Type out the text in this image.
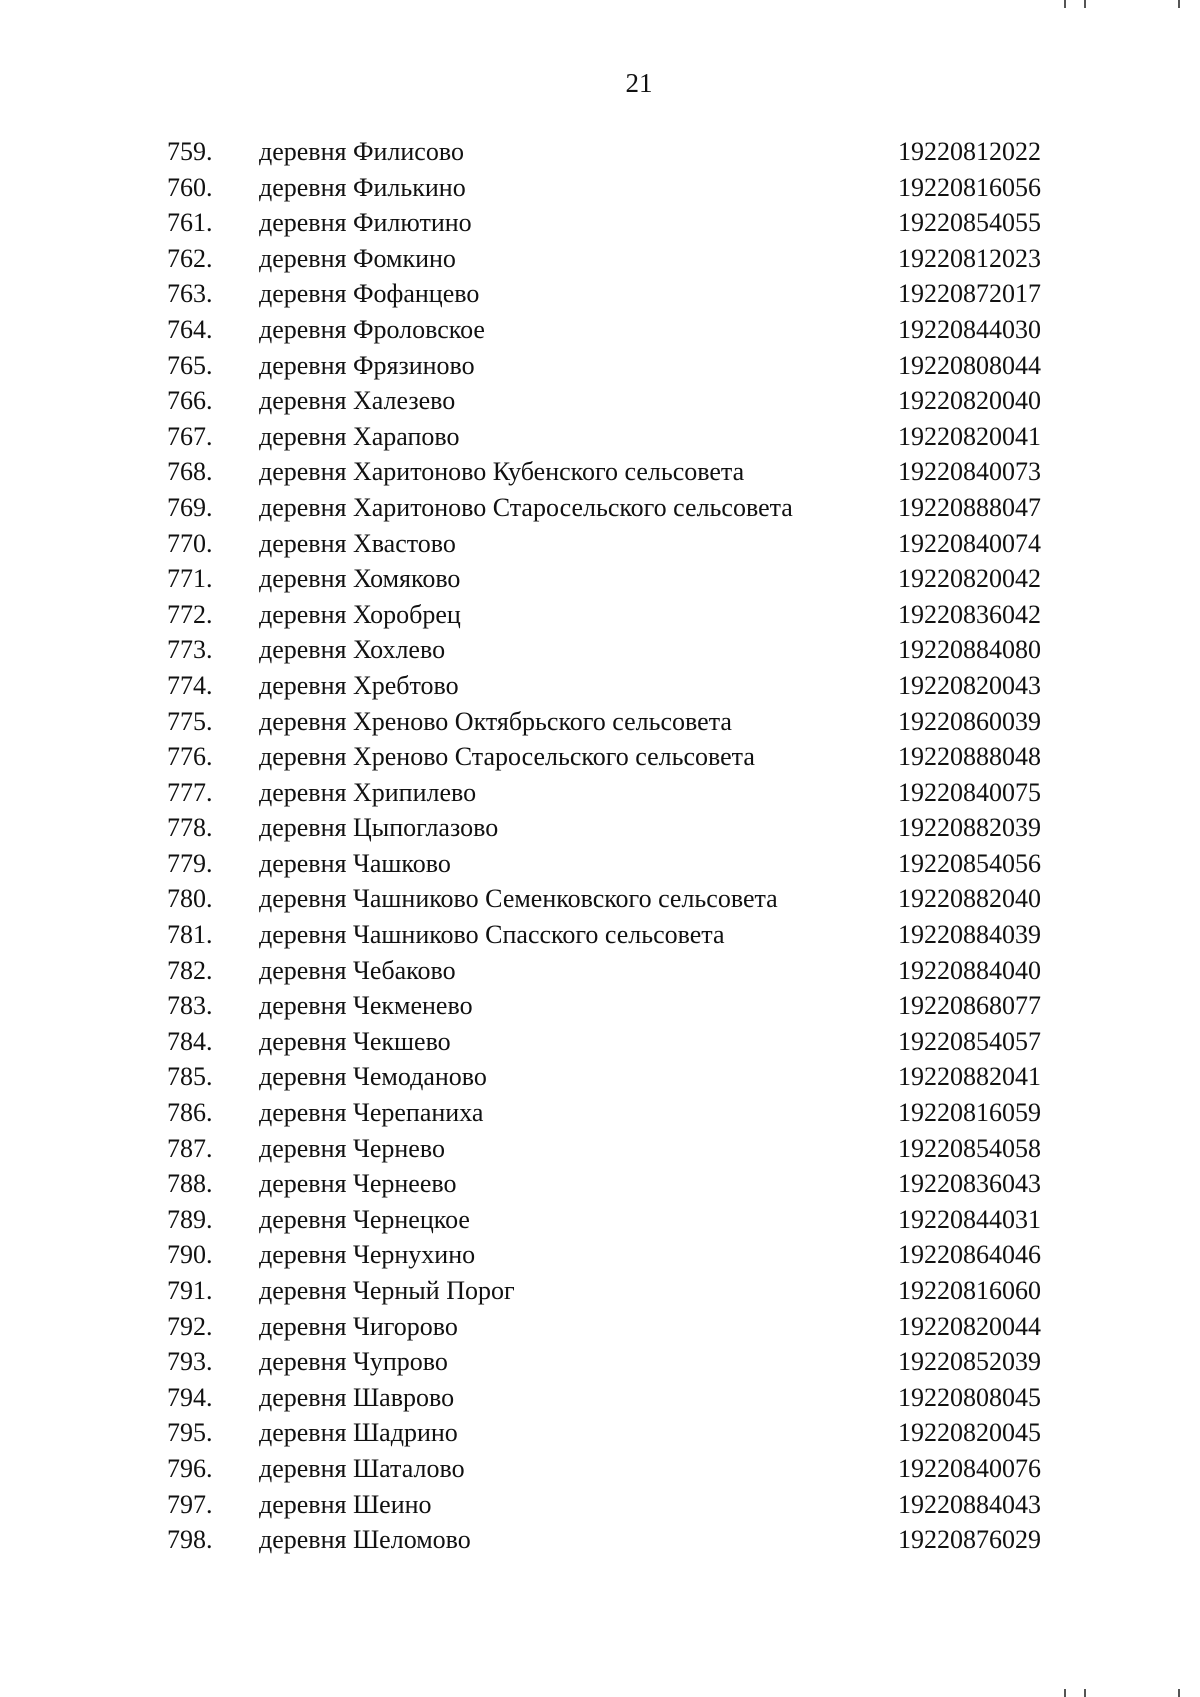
21
759.	деревня Филисово	19220812022
760.	деревня Филькино	19220816056
761.	деревня Филютино	19220854055
762.	деревня Фомкино	19220812023
763.	деревня Фофанцево	19220872017
764.	деревня Фроловское	19220844030
765.	деревня Фрязиново	19220808044
766.	деревня Халезево	19220820040
767.	деревня Харапово	19220820041
768.	деревня Харитоново Кубенского сельсовета	19220840073
769.	деревня Харитоново Старосельского сельсовета	19220888047
770.	деревня Хвастово	19220840074
771.	деревня Хомяково	19220820042
772.	деревня Хоробрец	19220836042
773.	деревня Хохлево	19220884080
774.	деревня Хребтово	19220820043
775.	деревня Хреново Октябрьского сельсовета	19220860039
776.	деревня Хреново Старосельского сельсовета	19220888048
777.	деревня Хрипилево	19220840075
778.	деревня Цыпоглазово	19220882039
779.	деревня Чашково	19220854056
780.	деревня Чашниково Семенковского сельсовета	19220882040
781.	деревня Чашниково Спасского сельсовета	19220884039
782.	деревня Чебаково	19220884040
783.	деревня Чекменево	19220868077
784.	деревня Чекшево	19220854057
785.	деревня Чемоданово	19220882041
786.	деревня Черепаниха	19220816059
787.	деревня Чернево	19220854058
788.	деревня Чернеево	19220836043
789.	деревня Чернецкое	19220844031
790.	деревня Чернухино	19220864046
791.	деревня Черный Порог	19220816060
792.	деревня Чигорово	19220820044
793.	деревня Чупрово	19220852039
794.	деревня Шаврово	19220808045
795.	деревня Шадрино	19220820045
796.	деревня Шаталово	19220840076
797.	деревня Шеино	19220884043
798.	деревня Шеломово	19220876029
